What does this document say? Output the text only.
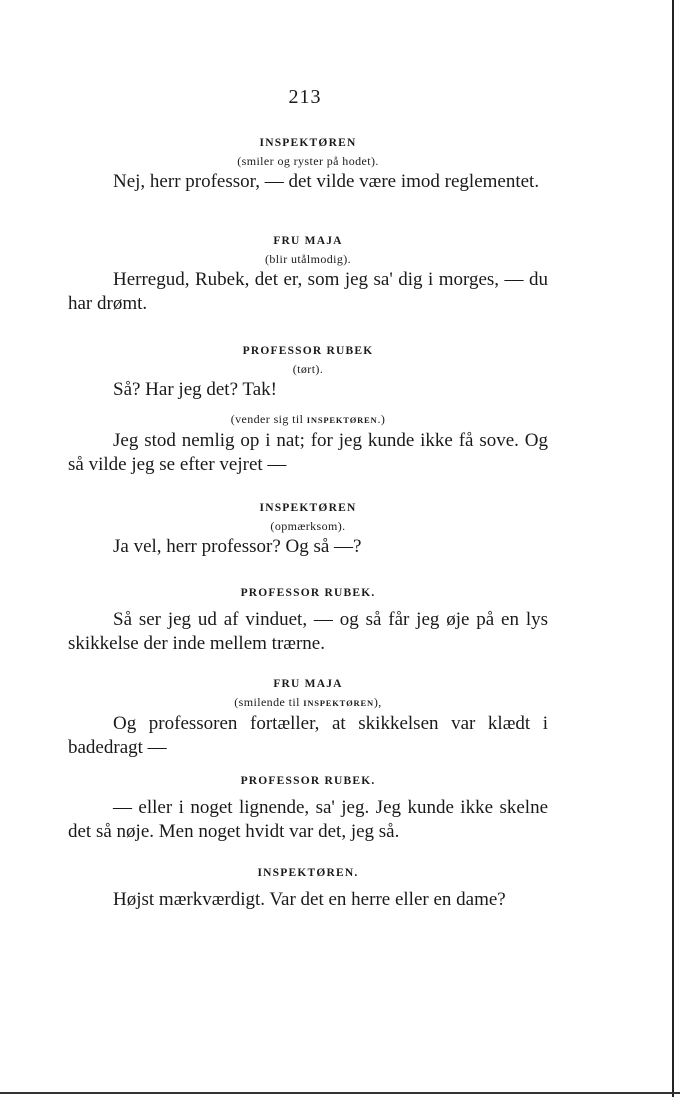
213
INSPEKTØREN
(smiler og ryster på hodet).

Nej, herr professor, — det vilde være imod reglementet.

FRU MAJA
(blir utålmodig).

Herregud, Rubek, det er, som jeg sa' dig i morges, — du har drømt.

PROFESSOR RUBEK
(tørt).

Så? Har jeg det? Tak!

(vender sig til INSPEKTØREN.)

Jeg stod nemlig op i nat; for jeg kunde ikke få sove. Og så vilde jeg se efter vejret —

INSPEKTØREN
(opmærksom).

Ja vel, herr professor? Og så —?

PROFESSOR RUBEK.

Så ser jeg ud af vinduet, — og så får jeg øje på en lys skikkelse der inde mellem trærne.

FRU MAJA
(smilende til INSPEKTØREN),

Og professoren fortæller, at skikkelsen var klædt i badedragt —

PROFESSOR RUBEK.

— eller i noget lignende, sa' jeg. Jeg kunde ikke skelne det så nøje. Men noget hvidt var det, jeg så.

INSPEKTØREN.

Højst mærkværdigt. Var det en herre eller en dame?
